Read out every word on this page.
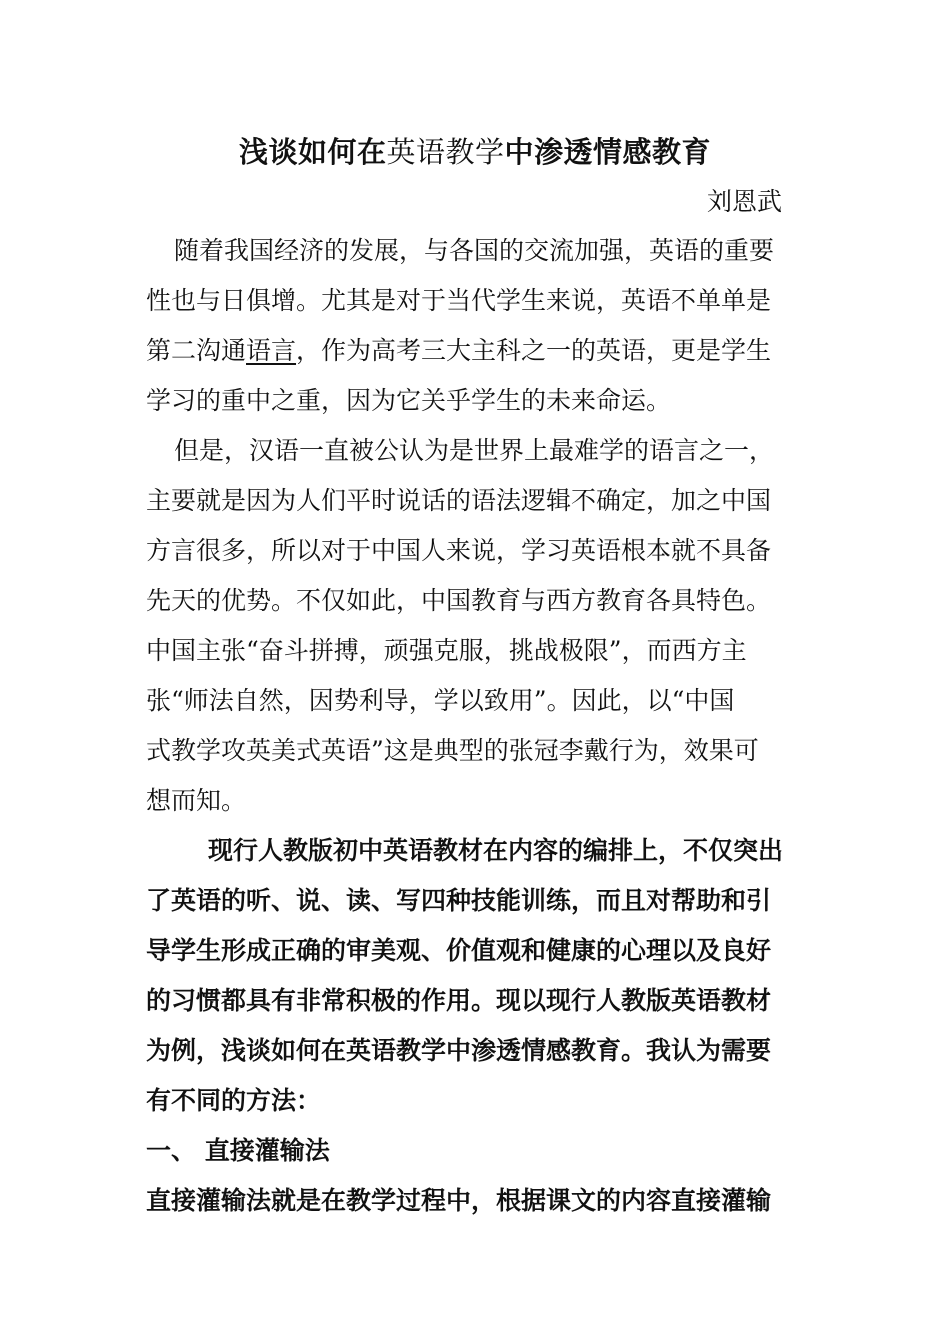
浅谈如何在英语教学中渗透情感教育
刘恩武

随着我国经济的发展，与各国的交流加强，英语的重要
性也与日俱增。尤其是对于当代学生来说，英语不单单是
第二沟通语言，作为高考三大主科之一的英语，更是学生
学习的重中之重，因为它关乎学生的未来命运。

但是，汉语一直被公认为是世界上最难学的语言之一，
主要就是因为人们平时说话的语法逻辑不确定，加之中国
方言很多，所以对于中国人来说，学习英语根本就不具备
先天的优势。不仅如此，中国教育与西方教育各具特色。
中国主张“奋斗拼搏，顽强克服，挑战极限”，而西方主
张“师法自然，因势利导，学以致用”。因此，以“中国
式教学攻英美式英语”这是典型的张冠李戴行为，效果可
想而知。

现行人教版初中英语教材在内容的编排上，不仅突出
了英语的听、说、读、写四种技能训练，而且对帮助和引
导学生形成正确的审美观、价值观和健康的心理以及良好
的习惯都具有非常积极的作用。现以现行人教版英语教材
为例，浅谈如何在英语教学中渗透情感教育。我认为需要
有不同的方法：

一、 直接灌输法

直接灌输法就是在教学过程中，根据课文的内容直接灌输
